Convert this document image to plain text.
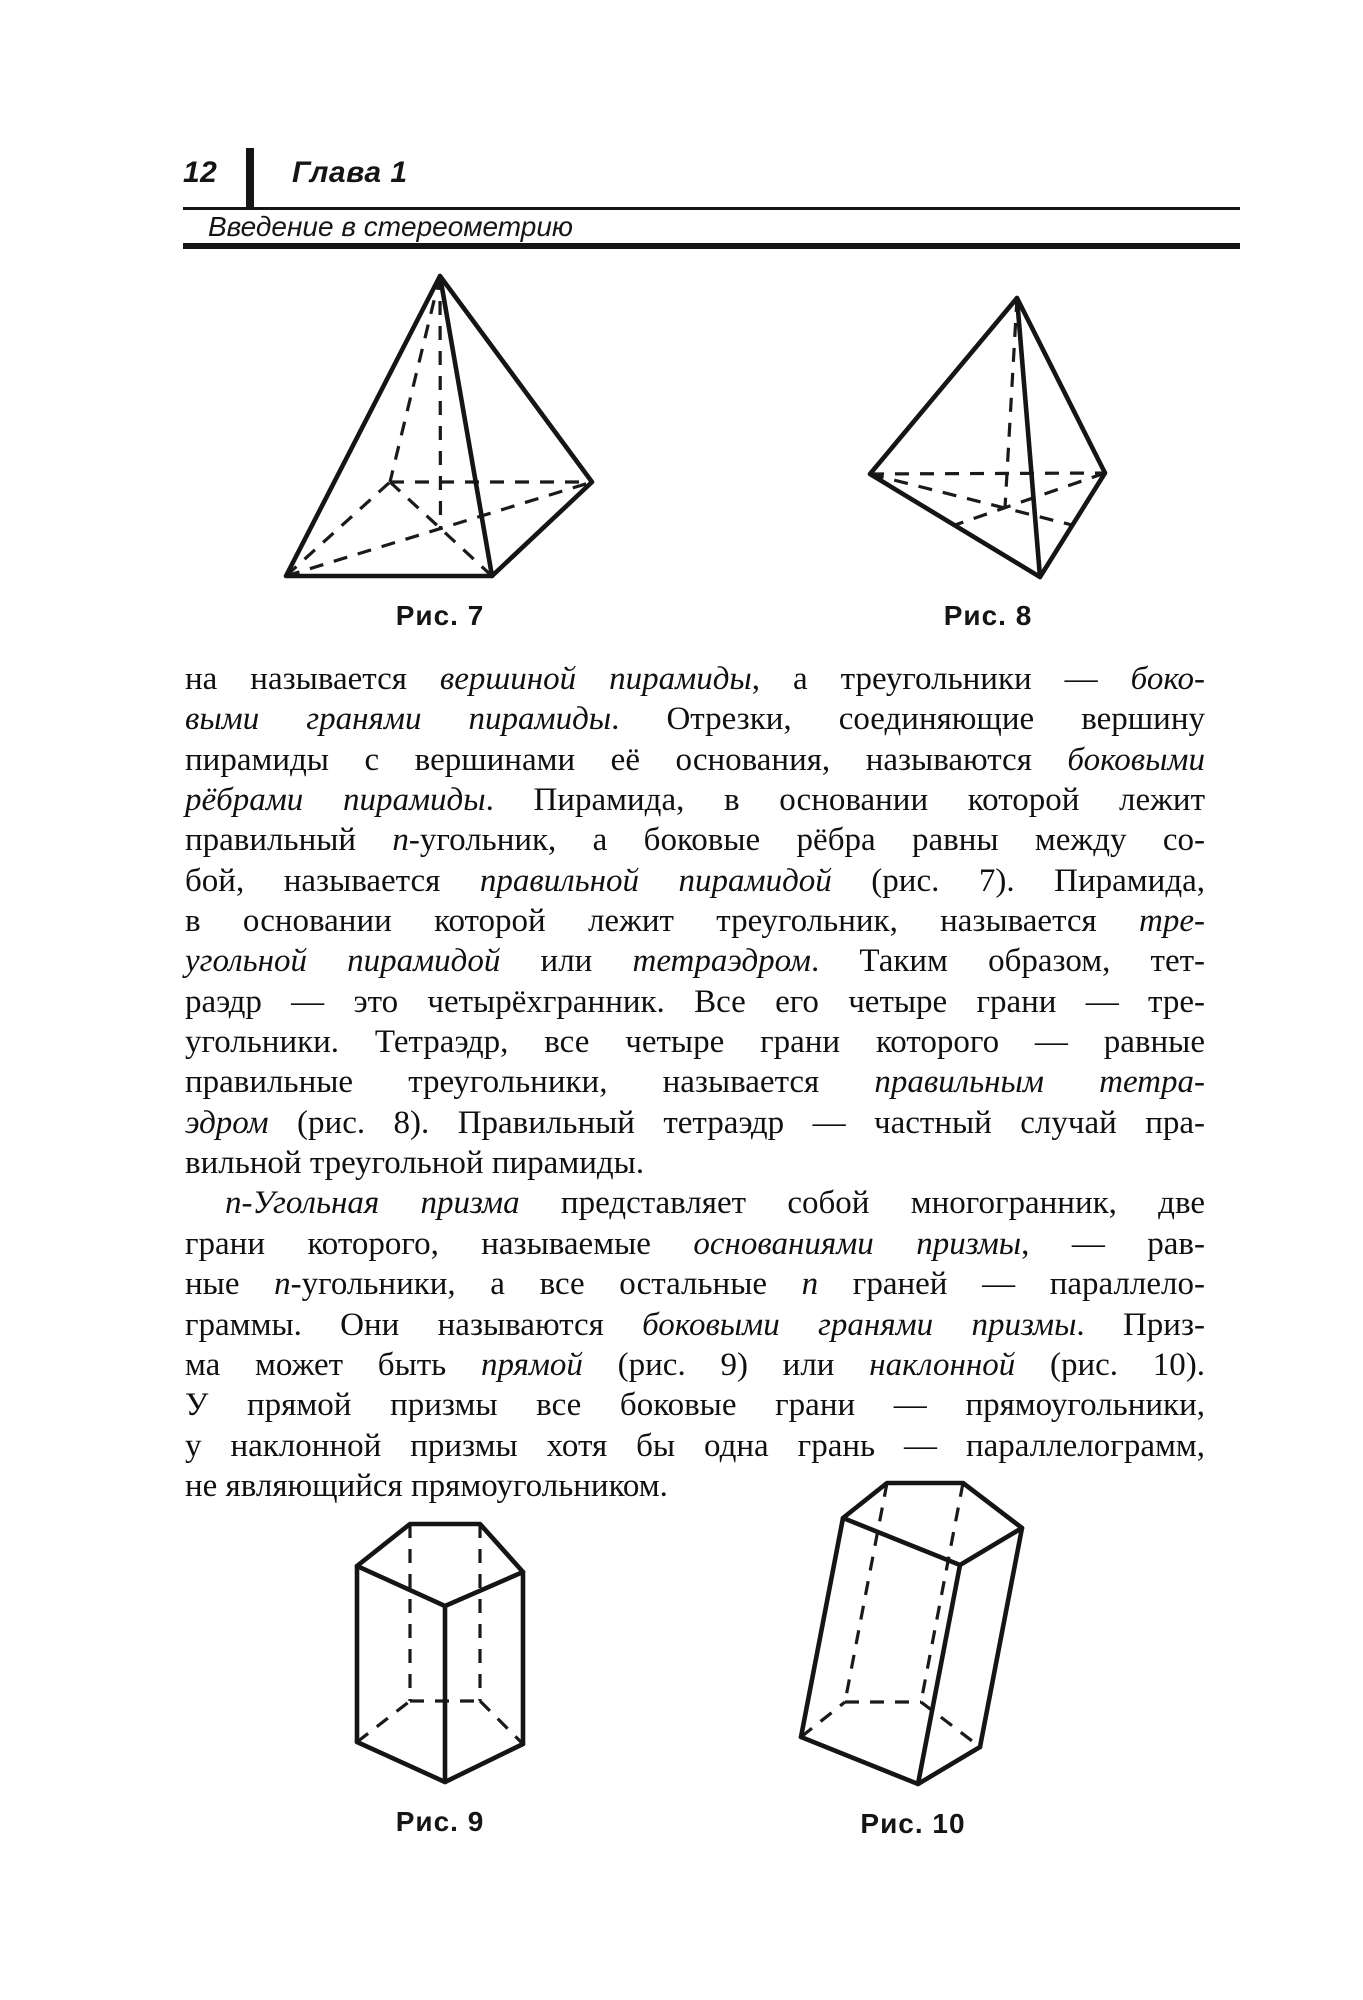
12 Глава 1
Введение в стереометрию
Рис. 7	Рис. 8
на называется вершиной пирамиды, а треугольники — боко-
выми гранями пирамиды. Отрезки, соединяющие вершину
пирамиды с вершинами её основания, называются боковыми
рёбрами пирамиды. Пирамида, в основании которой лежит
правильный n-угольник, а боковые рёбра равны между со-
бой, называется правильной пирамидой (рис. 7). Пирамида,
в основании которой лежит треугольник, называется тре-
угольной пирамидой или тетраэдром. Таким образом, тет-
раэдр — это четырёхгранник. Все его четыре грани — тре-
угольники. Тетраэдр, все четыре грани которого — равные
правильные треугольники, называется правильным тетра-
эдром (рис. 8). Правильный тетраэдр — частный случай пра-
вильной треугольной пирамиды.
n-Угольная призма представляет собой многогранник, две
грани которого, называемые основаниями призмы, — рав-
ные n-угольники, а все остальные n граней — параллело-
граммы. Они называются боковыми гранями призмы. Приз-
ма может быть прямой (рис. 9) или наклонной (рис. 10).
У прямой призмы все боковые грани — прямоугольники,
у наклонной призмы хотя бы одна грань — параллелограмм,
не являющийся прямоугольником.
Рис. 9	Рис. 10
